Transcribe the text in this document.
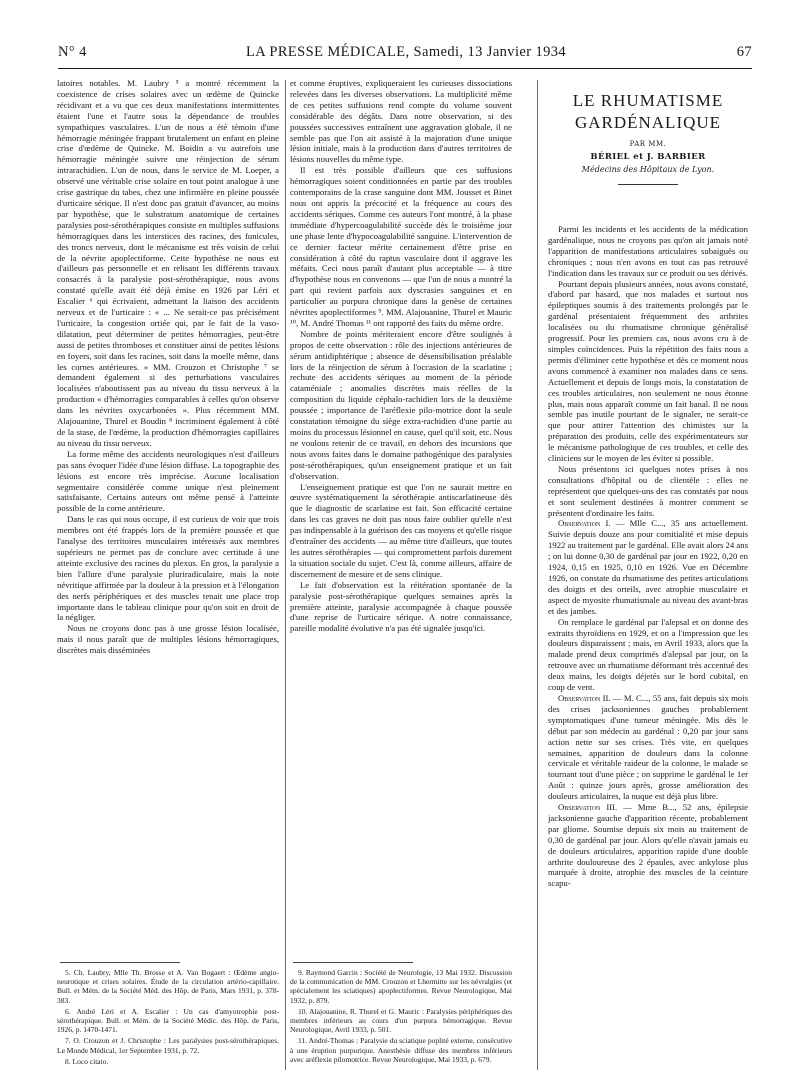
N° 4	LA PRESSE MÉDICALE, Samedi, 13 Janvier 1934	67

latoires notables. M. Laubry ⁵ a montré récemment la coexistence de crises solaires avec un œdème de Quincke récidivant et a vu que ces deux manifestations intermittentes étaient l'une et l'autre sous la dépendance de troubles sympathiques vasculaires. L'un de nous a été témoin d'une hémorragie méningée frappant brutalement un enfant en pleine crise d'œdème de Quincke. M. Boidin a vu autrefois une hémorragie méningée suivre une réinjection de sérum intrarachidien. L'un de nous, dans le service de M. Loeper, a observé une véritable crise solaire en tout point analogue à une crise gastrique du tabes, chez une infirmière en pleine poussée d'urticaire sérique. Il n'est donc pas gratuit d'avancer, au moins par hypothèse, que le substratum anatomique de certaines paralysies post-sérothérapiques consiste en multiples suffusions hémorragiques dans les interstices des racines, des funicules, des troncs nerveux, dont le mécanisme est très voisin de celui de la névrite apoplectiforme. Cette hypothèse ne nous est d'ailleurs pas personnelle et en relisant les différents travaux consacrés à la paralysie post-sérothérapique, nous avons constaté qu'elle avait été déjà émise en 1926 par Léri et Escalier ⁶ qui écrivaient, admettant la liaison des accidents nerveux et de l'urticaire : « ... Ne serait-ce pas précisément l'urticaire, la congestion ortiée qui, par le fait de la vaso-dilatation, peut déterminer de petites hémorragies, peut-être aussi de petites thromboses et constituer ainsi de petites lésions en foyers, soit dans les racines, soit dans la moelle même, dans les cornes antérieures. » MM. Crouzon et Christophe ⁷ se demandent également si des perturbations vasculaires localisées n'aboutissent pas au niveau du tissu nerveux à la production « d'hémorragies comparables à celles qu'on observe dans les névrites oxycarbonées ». Plus récemment MM. Alajouanine, Thurel et Boudin ⁸ incriminent également à côté de la stase, de l'œdème, la production d'hémorragies capillaires au niveau du tissu nerveux.

La forme même des accidents neurologiques n'est d'ailleurs pas sans évoquer l'idée d'une lésion diffuse. La topographie des lésions est encore très imprécise. Aucune localisation segmentaire considérée comme unique n'est pleinement satisfaisante. Certains auteurs ont même pensé à l'atteinte possible de la corne antérieure.

Dans le cas qui nous occupe, il est curieux de voir que trois membres ont été frappés lors de la première poussée et que l'analyse des territoires musculaires intéressés aux membres supérieurs ne permet pas de conclure avec certitude à une atteinte exclusive des racines du plexus. En gros, la paralysie a bien l'allure d'une paralysie pluriradiculaire, mais la note névritique affirmée par la douleur à la pression et à l'élongation des nerfs périphériques et des muscles tenait une place trop importante dans le tableau clinique pour qu'on soit en droit de la négliger.

Nous ne croyons donc pas à une grosse lésion localisée, mais il nous paraît que de multiples lésions hémorragiques, discrètes mais disséminées

et comme éruptives, expliqueraient les curieuses dissociations relevées dans les diverses observations. La multiplicité même de ces petites suffusions rend compte du volume souvent considérable des dégâts. Dans notre observation, si des poussées successives entraînent une aggravation globale, il ne semble pas que l'on ait assisté à la majoration d'une unique lésion initiale, mais à la production dans d'autres territoires de lésions nouvelles du même type.

Il est très possible d'ailleurs que ces suffusions hémorragiques soient conditionnées en partie par des troubles contemporains de la crase sanguine dont MM. Jousset et Binet nous ont appris la précocité et la fréquence au cours des accidents sériques. Comme ces auteurs l'ont montré, à la phase immédiate d'hypercoagulabilité succède dès le troisième jour une phase lente d'hypocoagulabilité sanguine. L'intervention de ce dernier facteur mérite certainement d'être prise en considération à côté du raptus vasculaire dont il aggrave les méfaits. Ceci nous paraît d'autant plus acceptable — à titre d'hypothèse nous en convenons — que l'un de nous a montré la part qui revient parfois aux dyscrasies sanguines et en particulier au purpura chronique dans la genèse de certaines névrites apoplectiformes ⁹. MM. Alajouanine, Thurel et Mauric ¹⁰, M. André Thomas ¹¹ ont rapporté des faits du même ordre.

Nombre de points mériteraient encore d'être soulignés à propos de cette observation : rôle des injections antérieures de sérum antidiphtérique ; absence de désensibilisation préalable lors de la réinjection de sérum à l'occasion de la scarlatine ; rechute des accidents sériques au moment de la période cataméniale ; anomalies discrètes mais réelles de la composition du liquide céphalo-rachidien lors de la deuxième poussée ; importance de l'aréflexie pilo-motrice dont la seule constatation témoigne du siège extra-rachidien d'une partie au moins du processus lésionnel en cause, quel qu'il soit, etc. Nous ne voulons retenir de ce travail, en dehors des incursions que nous avons faites dans le domaine pathogénique des paralysies post-sérothérapiques, qu'un enseignement pratique et un fait d'observation.

L'enseignement pratique est que l'on ne saurait mettre en œuvre systématiquement la sérothérapie antiscarlatineuse dès que le diagnostic de scarlatine est fait. Son efficacité certaine dans les cas graves ne doit pas nous faire oublier qu'elle n'est pas indispensable à la guérison des cas moyens et qu'elle risque d'entraîner des accidents — au même titre d'ailleurs, que toutes les autres sérothérapies — qui compromettent parfois durement la situation sociale du sujet. C'est là, comme ailleurs, affaire de discernement de mesure et de sens clinique.

Le fait d'observation est la réitération spontanée de la paralysie post-sérothérapique quelques semaines après la première atteinte, paralysie accompagnée à chaque poussée d'une reprise de l'urticaire sérique. A notre connaissance, pareille modalité évolutive n'a pas été signalée jusqu'ici.

5. Ch. Laubry, Mlle Th. Brosse et A. Van Bogaert : Œdème angio-neurotique et crises solaires. Étude de la circulation artério-capillaire. Bull. et Mém. de la Société Méd. des Hôp. de Paris, Mars 1931, p. 378-383.

6. André Léri et A. Escalier : Un cas d'amyotrophie post-sérothérapique. Bull. et Mém. de la Société Médic. des Hôp. de Paris, 1926, p. 1470-1471.

7. O. Crouzon et J. Christophe : Les paralysies post-sérothérapiques. Le Monde Médical, 1er Septembre 1931, p. 72.

8. Loco citato.

9. Raymond Garcin : Société de Neurologie, 13 Mai 1932. Discussion de la communication de MM. Crouzon et Lhermitte sur les névralgies (et spécialement les sciatiques) apoplectiformes. Revue Neurologique, Mai 1932, p. 879.

10. Alajouanine, R. Thurel et G. Mauric : Paralysies périphériques des membres inférieurs au cours d'un purpura hémorragique. Revue Neurologique, Avril 1933, p. 501.

11. André-Thomas : Paralysie du sciatique poplité externe, consécutive à une éruption purpurique. Anesthésie diffuse des membres inférieurs avec aréflexie pilomotrice. Revue Neurologique, Mai 1933, p. 679.

LE RHUMATISME
GARDÉNALIQUE
PAR MM.
BÉRIEL et J. BARBIER
Médecins des Hôpitaux de Lyon.

Parmi les incidents et les accidents de la médication gardénalique, nous ne croyons pas qu'on ait jamais noté l'apparition de manifestations articulaires subaiguës ou chroniques ; nous n'en avons en tout cas pas retrouvé l'indication dans les travaux sur ce produit ou ses dérivés.

Pourtant depuis plusieurs années, nous avons constaté, d'abord par hasard, que nos malades et surtout nos épileptiques soumis à des traitements prolongés par le gardénal présentaient fréquemment des arthrites localisées ou du rhumatisme chronique généralisé progressif. Pour les premiers cas, nous avons cru à de simples coïncidences. Puis la répétition des faits nous a permis d'éliminer cette hypothèse et dès ce moment nous avons commencé à examiner nos malades dans ce sens. Actuellement et depuis de longs mois, la constatation de ces troubles articulaires, non seulement ne nous étonne plus, mais nous apparaît comme un fait banal. Il ne nous semble pas inutile pourtant de le signaler, ne serait-ce que pour attirer l'attention des chimistes sur la préparation des produits, celle des expérimentateurs sur le mécanisme pathologique de ces troubles, et celle des cliniciens sur le moyen de les éviter si possible.

Nous présentons ici quelques notes prises à nos consultations d'hôpital ou de clientèle : elles ne représentent que quelques-uns des cas constatés par nous et sont seulement destinées à montrer comment se présentent d'ordinaire les faits.

Observation I. — Mlle C..., 35 ans actuellement. Suivie depuis douze ans pour comitialité et mise depuis 1922 au traitement par le gardénal. Elle avait alors 24 ans ; on lui donne 0,30 de gardénal par jour en 1922, 0,20 en 1924, 0,15 en 1925, 0,10 en 1926. Vue en Décembre 1926, on constate du rhumatisme des petites articulations des doigts et des orteils, avec atrophie musculaire et aspect de myosite rhumatismale au niveau des avant-bras et des jambes.

On remplace le gardénal par l'alepsal et on donne des extraits thyroïdiens en 1929, et on a l'impression que les douleurs disparaissent ; mais, en Avril 1933, alors que la malade prend deux comprimés d'alepsal par jour, on la retrouve avec un rhumatisme déformant très accentué des deux mains, les doigts déjetés sur le bord cubital, en coup de vent.

Observation II. — M. C..., 55 ans, fait depuis six mois des crises jacksoniennes gauches probablement symptomatiques d'une tumeur méningée. Mis dès le début par son médecin au gardénal : 0,20 par jour sans action nette sur ses crises. Très vite, en quelques semaines, apparition de douleurs dans la colonne cervicale et véritable raideur de la colonne, le malade se tournant tout d'une pièce ; on supprime le gardénal le 1er Août : quinze jours après, grosse amélioration des douleurs articulaires, la nuque est déjà plus libre.

Observation III. — Mme B..., 52 ans, épilepsie jacksonienne gauche d'apparition récente, probablement par gliome. Soumise depuis six mois au traitement de 0,30 de gardénal par jour. Alors qu'elle n'avait jamais eu de douleurs articulaires, apparition rapide d'une double arthrite douloureuse des 2 épaules, avec ankylose plus marquée à droite, atrophie des muscles de la ceinture scapu-
